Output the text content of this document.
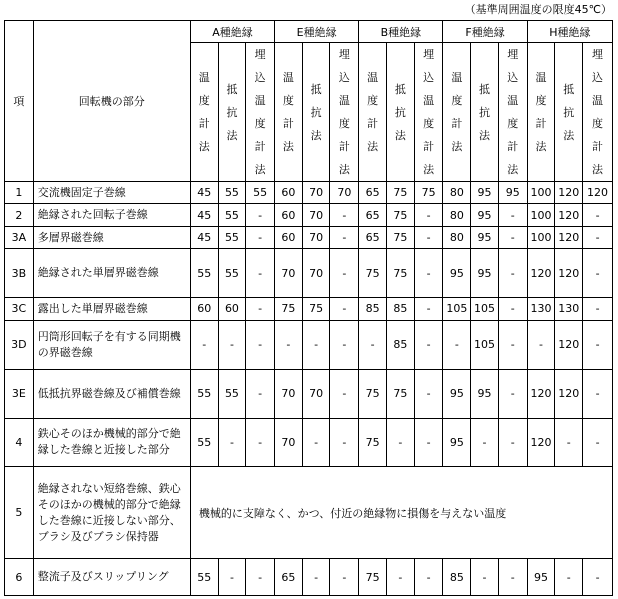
（基準周囲温度の限度45℃）
項	回転機の部分	A種絶縁			E種絶縁			B種絶縁			F種絶縁			H種絶縁		

		温度計法	抵抗法	埋込温度計法	温度計法	抵抗法	埋込温度計法	温度計法	抵抗法	埋込温度計法	温度計法	抵抗法	埋込温度計法	温度計法	抵抗法	埋込温度計法

1	交流機固定子巻線	45	55	55	60	70	70	65	75	75	80	95	95	100	120	120
2	絶縁された回転子巻線	45	55	-	60	70	-	65	75	-	80	95	-	100	120	-
3A	多層界磁巻線	45	55	-	60	70	-	65	75	-	80	95	-	100	120	-
3B	絶縁された単層界磁巻線	55	55	-	70	70	-	75	75	-	95	95	-	120	120	-
3C	露出した単層界磁巻線	60	60	-	75	75	-	85	85	-	105	105	-	130	130	-
3D	円筒形回転子を有する同期機の界磁巻線	-	-	-	-	-	-	-	85	-	-	105	-	-	120	-
3E	低抵抗界磁巻線及び補償巻線	55	55	-	70	70	-	75	75	-	95	95	-	120	120	-
4	鉄心そのほか機械的部分で絶縁した巻線と近接した部分	55	-	-	70	-	-	75	-	-	95	-	-	120	-	-
5	絶縁されない短絡巻線、鉄心そのほかの機械的部分で絶縁した巻線に近接しない部分、ブラシ及びブラシ保持器	機械的に支障なく、かつ、付近の絶縁物に損傷を与えない温度														
6	整流子及びスリップリング	55	-	-	65	-	-	75	-	-	85	-	-	95	-	-
